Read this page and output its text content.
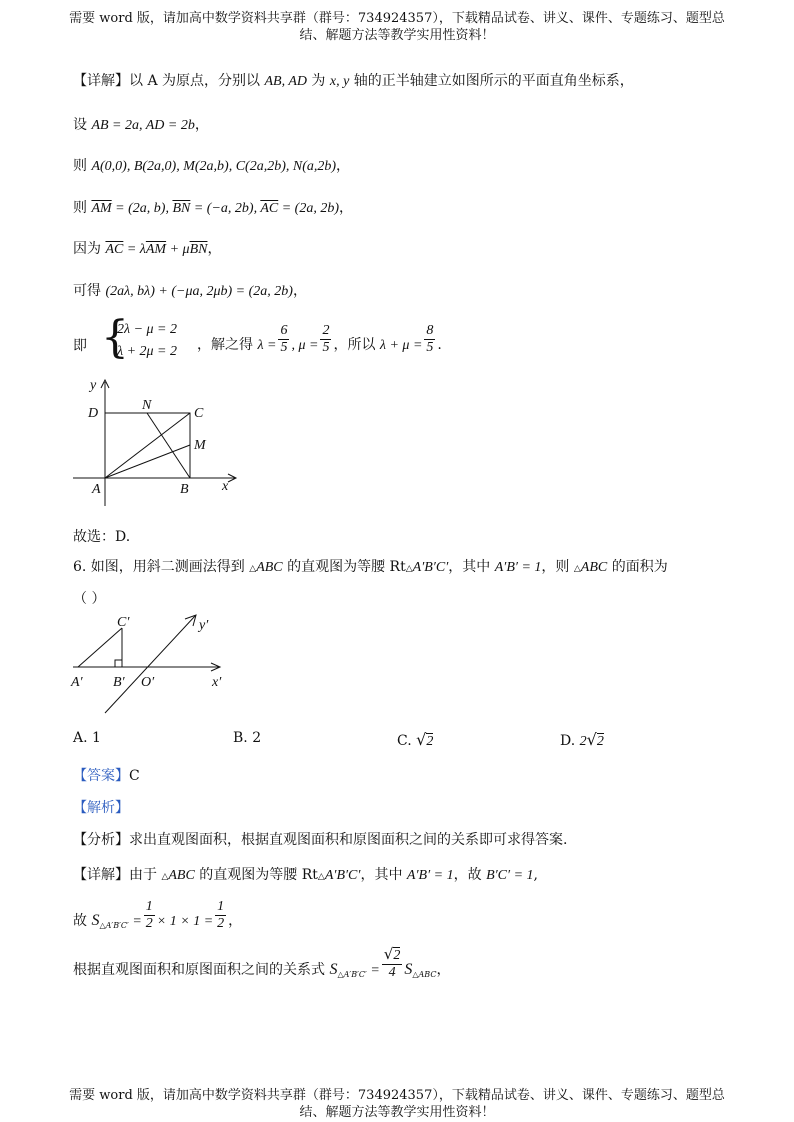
需要 word 版，请加高中数学资料共享群（群号：734924357），下载精品试卷、讲义、课件、专题练习、题型总
结、解题方法等教学实用性资料！
【详解】以 A 为原点，分别以 AB, AD 为 x, y 轴的正半轴建立如图所示的平面直角坐标系，
设 AB = 2a, AD = 2b，
则 A(0,0), B(2a,0), M(2a,b), C(2a,2b), N(a,2b)，
则 $\overline{AM} = (2a$, b), $\overline{BN} = (-a$, 2b), $\overline{AC} = (2a$, 2b)，
因为 $\overline{AC} = \lambda\overline{AM} + \mu\overline{BN}$，
可得 (2aλ, bλ) + (−μa, 2μb) = (2a, 2b)，
即 {
2λ − μ = 2
λ + 2μ = 2 ，解之得 $\lambda = \frac{6}{5}$ , $\mu = \frac{2}{5}$ ，所以 $\lambda + \mu = \frac{8}{5}$ .
y
D
N
C
M
A	B x
故选：D.
6. 如图，用斜二测画法得到 △ABC 的直观图为等腰 Rt△A′B′C′，其中 A′B′ = 1，则 △ABC 的面积为
（ ）
C′	y′
A′ B′ O′	x′
A. 1	B. 2	C. √2	D. 2√2
【答案】C
【解析】
【分析】求出直观图面积，根据直观图面积和原图面积之间的关系即可求得答案.
【详解】由于 △ABC 的直观图为等腰 Rt△A′B′C′，其中 A′B′ = 1，故 B′C′ = 1,
故 $S_{\triangle A'B'C'} = \frac{1}{2} \times 1 \times 1 = \frac{1}{2}$ ，
根据直观图面积和原图面积之间的关系式 $S_{\triangle A'B'C'} = \frac{√2}{4} S_{\triangle ABC}$，
需要 word 版，请加高中数学资料共享群（群号：734924357），下载精品试卷、讲义、课件、专题练习、题型总
结、解题方法等教学实用性资料！
